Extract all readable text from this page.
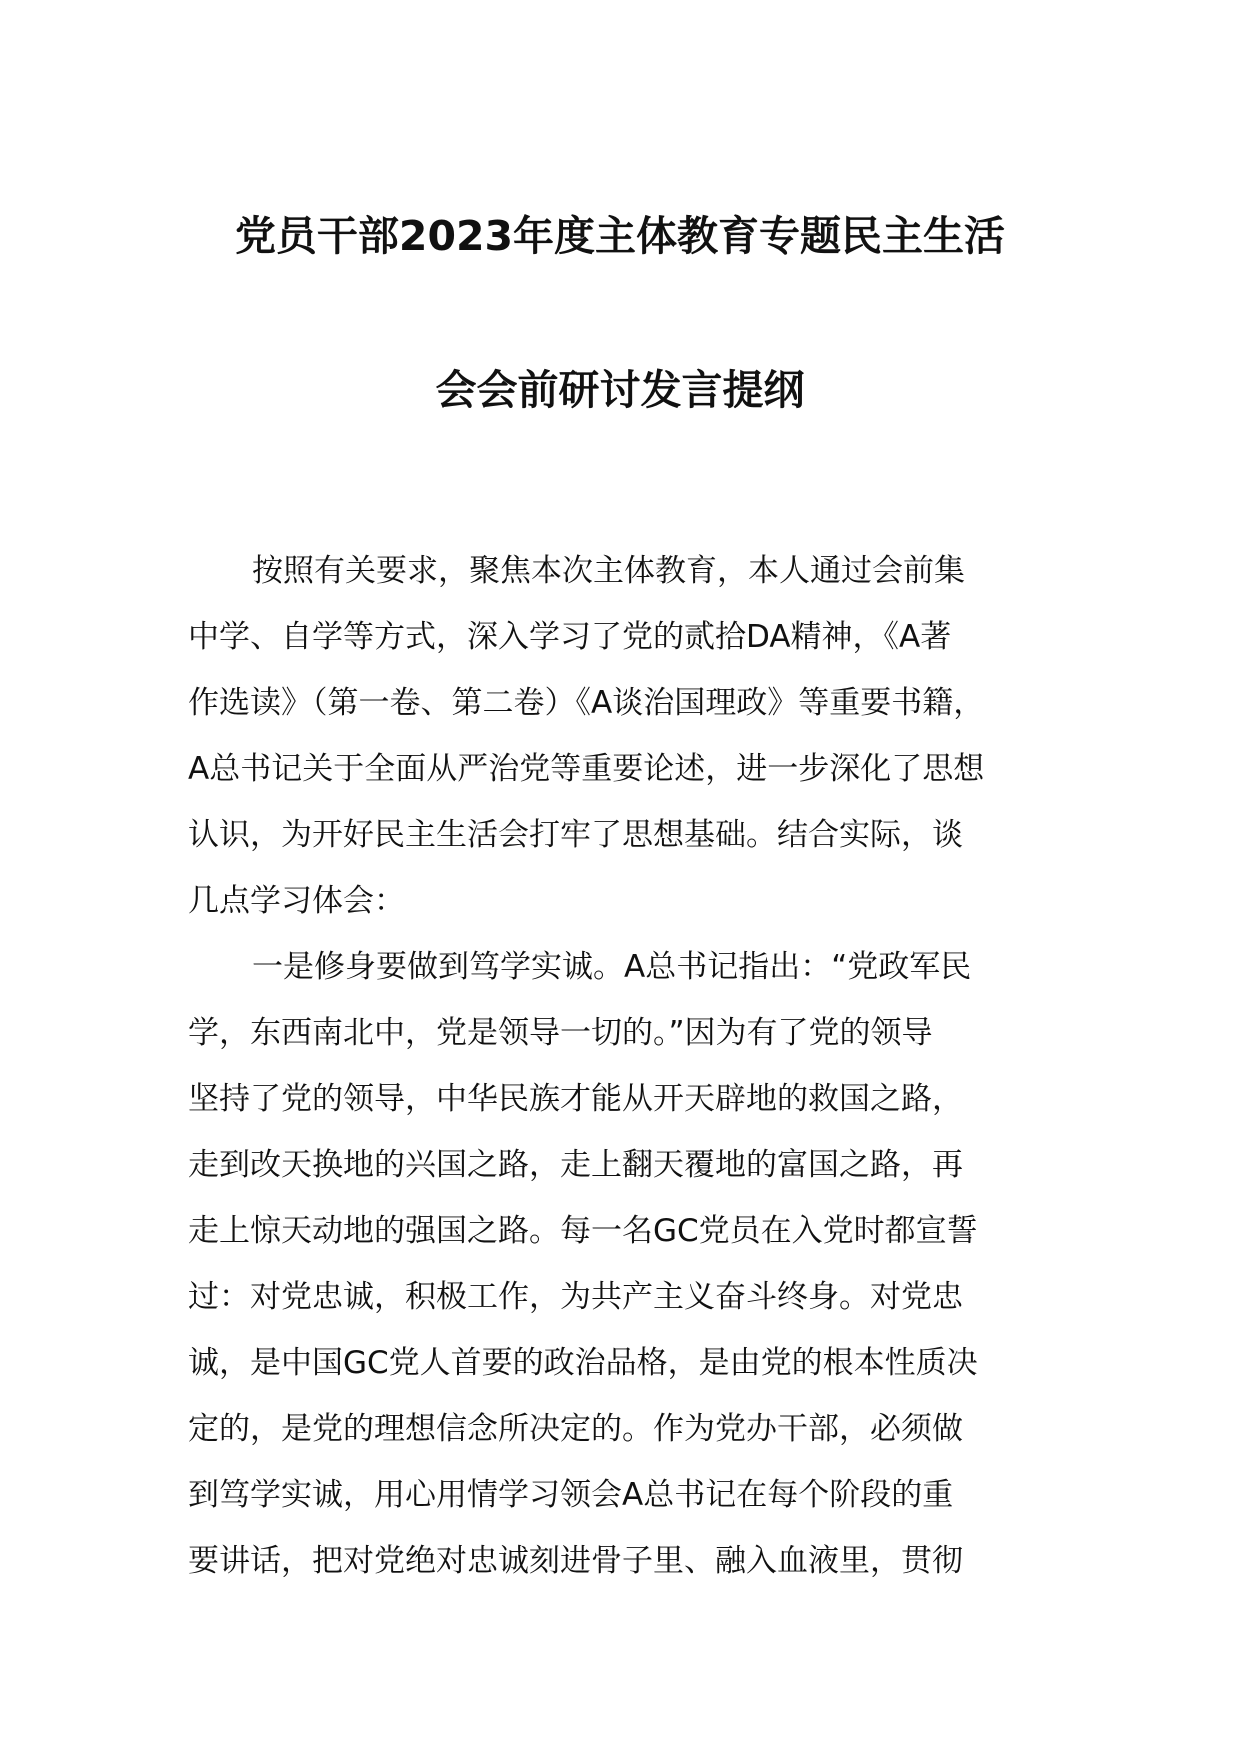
党员干部2023年度主体教育专题民主生活
会会前研讨发言提纲
按照有关要求，聚焦本次主体教育，本人通过会前集
中学、自学等方式，深入学习了党的贰拾DA精神，《A著
作选读》（第一卷、第二卷）《A谈治国理政》等重要书籍，
A总书记关于全面从严治党等重要论述，进一步深化了思想
认识，为开好民主生活会打牢了思想基础。结合实际，谈
几点学习体会：
一是修身要做到笃学实诚。A总书记指出：“党政军民
学，东西南北中，党是领导一切的。”因为有了党的领导
坚持了党的领导，中华民族才能从开天辟地的救国之路，
走到改天换地的兴国之路，走上翻天覆地的富国之路，再
走上惊天动地的强国之路。每一名GC党员在入党时都宣誓
过：对党忠诚，积极工作，为共产主义奋斗终身。对党忠
诚，是中国GC党人首要的政治品格，是由党的根本性质决
定的，是党的理想信念所决定的。作为党办干部，必须做
到笃学实诚，用心用情学习领会A总书记在每个阶段的重
要讲话，把对党绝对忠诚刻进骨子里、融入血液里，贯彻
